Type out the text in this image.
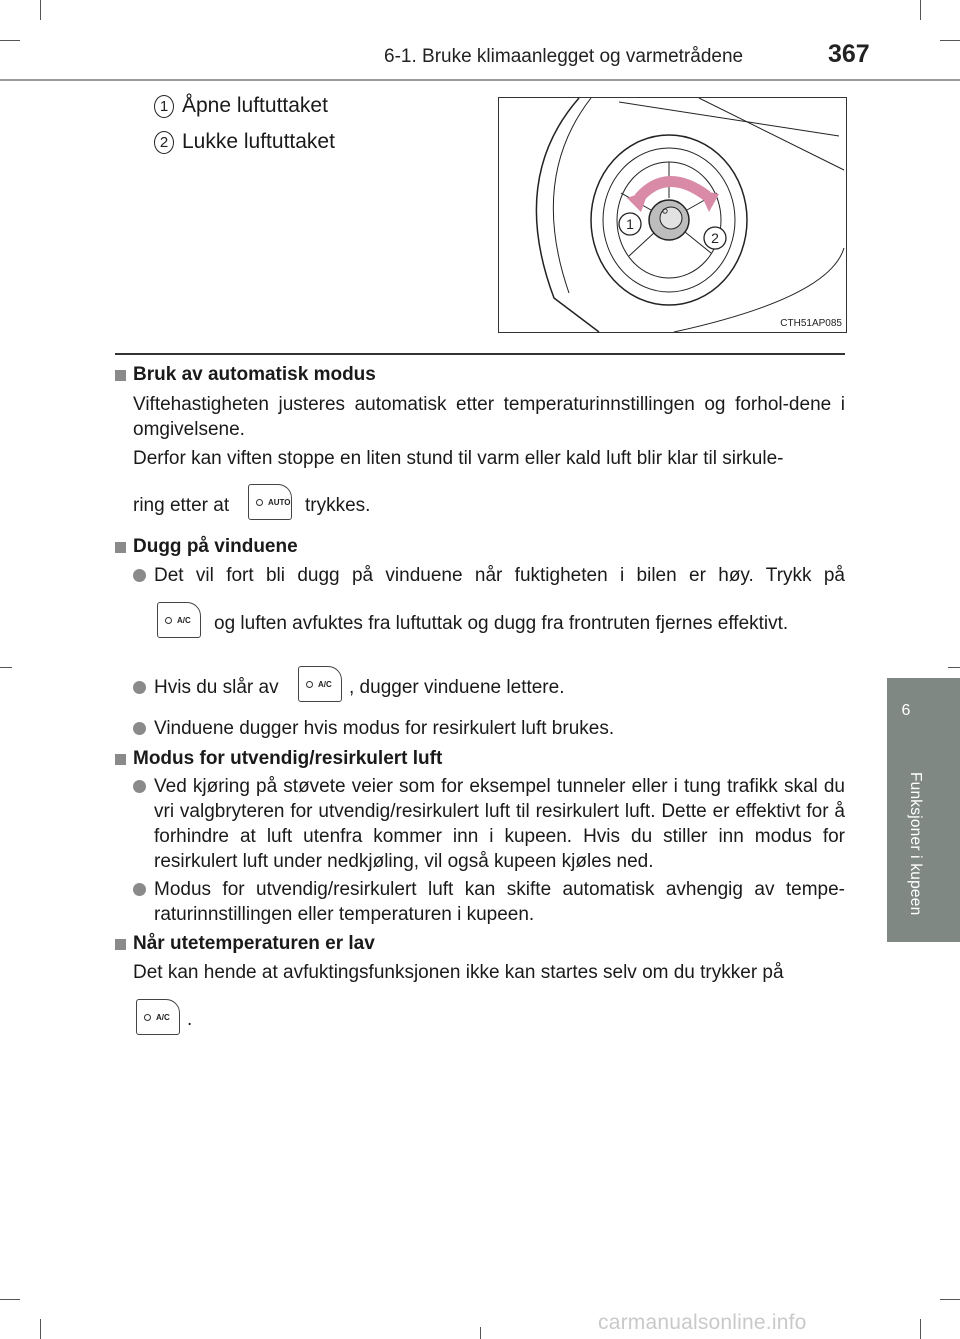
6-1. Bruke klimaanlegget og varmetrådene	367
6
Funksjoner i kupeen
1 Åpne luftuttaket
2 Lukke luftuttaket
1
2
CTH51AP085
Bruk av automatisk modus
Viftehastigheten justeres automatisk etter temperaturinnstillingen og forhol-dene i omgivelsene.
Derfor kan viften stoppe en liten stund til varm eller kald luft blir klar til sirkule-
ring etter at	AUTO trykkes.
Dugg på vinduene
Det vil fort bli dugg på vinduene når fuktigheten i bilen er høy. Trykk på
A/C og luften avfuktes fra luftuttak og dugg fra frontruten fjernes effektivt.
Hvis du slår av	A/C , dugger vinduene lettere.
Vinduene dugger hvis modus for resirkulert luft brukes.
Modus for utvendig/resirkulert luft
Ved kjøring på støvete veier som for eksempel tunneler eller i tung trafikk skal du vri valgbryteren for utvendig/resirkulert luft til resirkulert luft. Dette er effektivt for å forhindre at luft utenfra kommer inn i kupeen. Hvis du stiller inn modus for resirkulert luft under nedkjøling, vil også kupeen kjøles ned.
Modus for utvendig/resirkulert luft kan skifte automatisk avhengig av tempe-raturinnstillingen eller temperaturen i kupeen.
Når utetemperaturen er lav
Det kan hende at avfuktingsfunksjonen ikke kan startes selv om du trykker på
A/C .
carmanualsonline.info
